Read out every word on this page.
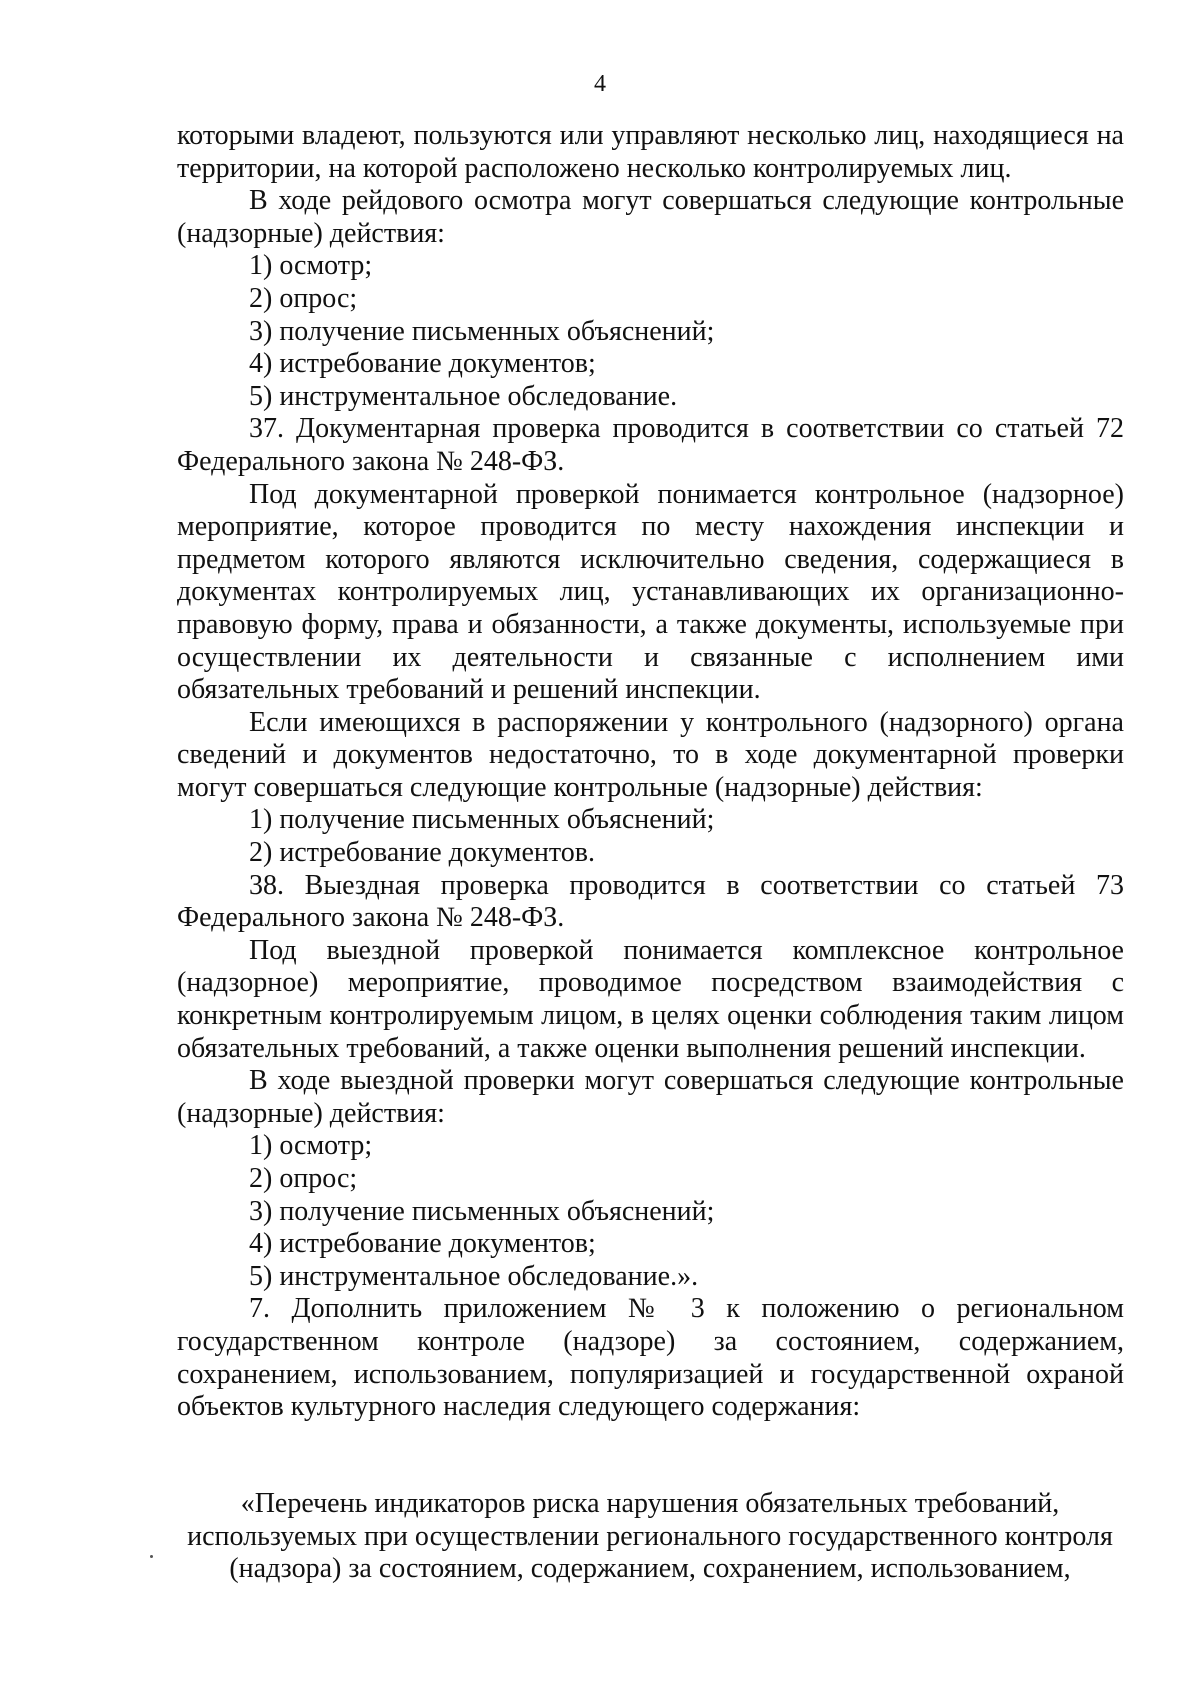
4

которыми владеют, пользуются или управляют несколько лиц, находящиеся на территории, на которой расположено несколько контролируемых лиц.

В ходе рейдового осмотра могут совершаться следующие контрольные (надзорные) действия:

1) осмотр;

2) опрос;

3) получение письменных объяснений;

4) истребование документов;

5) инструментальное обследование.

37. Документарная проверка проводится в соответствии со статьей 72 Федерального закона № 248-ФЗ.

Под документарной проверкой понимается контрольное (надзорное) мероприятие, которое проводится по месту нахождения инспекции и предметом которого являются исключительно сведения, содержащиеся в документах контролируемых лиц, устанавливающих их организационно-правовую форму, права и обязанности, а также документы, используемые при осуществлении их деятельности и связанные с исполнением ими обязательных требований и решений инспекции.

Если имеющихся в распоряжении у контрольного (надзорного) органа сведений и документов недостаточно, то в ходе документарной проверки могут совершаться следующие контрольные (надзорные) действия:

1) получение письменных объяснений;

2) истребование документов.

38. Выездная проверка проводится в соответствии со статьей 73 Федерального закона № 248-ФЗ.

Под выездной проверкой понимается комплексное контрольное (надзорное) мероприятие, проводимое посредством взаимодействия с конкретным контролируемым лицом, в целях оценки соблюдения таким лицом обязательных требований, а также оценки выполнения решений инспекции.

В ходе выездной проверки могут совершаться следующие контрольные (надзорные) действия:

1) осмотр;

2) опрос;

3) получение письменных объяснений;

4) истребование документов;

5) инструментальное обследование.».

7. Дополнить приложением № 3 к положению о региональном государственном контроле (надзоре) за состоянием, содержанием, сохранением, использованием, популяризацией и государственной охраной объектов культурного наследия следующего содержания:

«Перечень индикаторов риска нарушения обязательных требований,
используемых при осуществлении регионального государственного контроля
(надзора) за состоянием, содержанием, сохранением, использованием,
